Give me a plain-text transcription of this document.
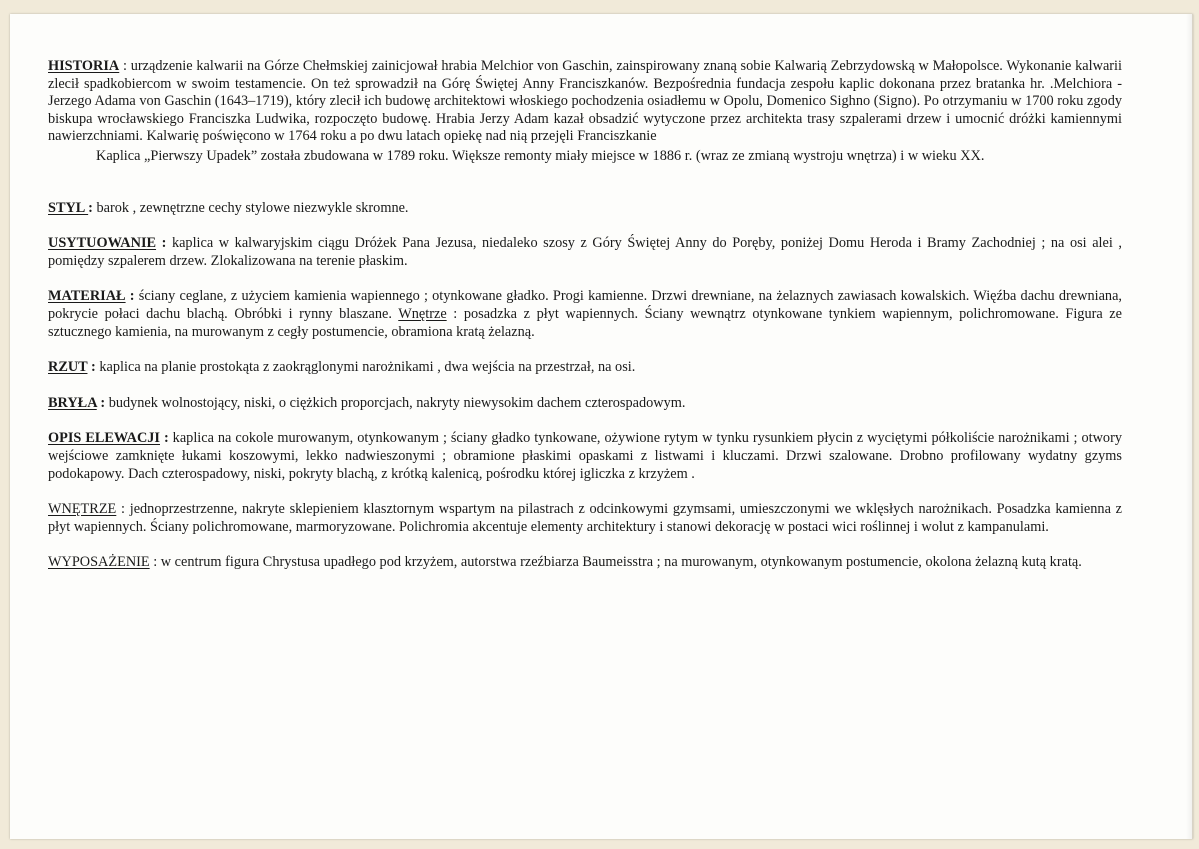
HISTORIA : urządzenie kalwarii na Górze Chełmskiej zainicjował hrabia Melchior von Gaschin, zainspirowany znaną sobie Kalwarią Zebrzydowską w Małopolsce. Wykonanie kalwarii zlecił spadkobiercom w swoim testamencie. On też sprowadził na Górę Świętej Anny Franciszkanów. Bezpośrednia fundacja zespołu kaplic dokonana przez bratanka hr. .Melchiora - Jerzego Adama von Gaschin (1643–1719), który zlecił ich budowę architektowi włoskiego pochodzenia osiadłemu w Opolu, Domenico Sighno (Signo). Po otrzymaniu w 1700 roku zgody biskupa wrocławskiego Franciszka Ludwika, rozpoczęto budowę. Hrabia Jerzy Adam kazał obsadzić wytyczone przez architekta trasy szpalerami drzew i umocnić dróżki kamiennymi nawierzchniami. Kalwarię poświęcono w 1764 roku a po dwu latach opiekę nad nią przejęli Franciszkanie

Kaplica „Pierwszy Upadek” została zbudowana w 1789 roku. Większe remonty miały miejsce w 1886 r. (wraz ze zmianą wystroju wnętrza) i w wieku XX.

STYL : barok , zewnętrzne cechy stylowe niezwykle skromne.

USYTUOWANIE : kaplica w kalwaryjskim ciągu Dróżek Pana Jezusa, niedaleko szosy z Góry Świętej Anny do Poręby, poniżej Domu Heroda i Bramy Zachodniej ; na osi alei , pomiędzy szpalerem drzew. Zlokalizowana na terenie płaskim.

MATERIAŁ : ściany ceglane, z użyciem kamienia wapiennego ; otynkowane gładko. Progi kamienne. Drzwi drewniane, na żelaznych zawiasach kowalskich. Więźba dachu drewniana, pokrycie połaci dachu blachą. Obróbki i rynny blaszane. Wnętrze : posadzka z płyt wapiennych. Ściany wewnątrz otynkowane tynkiem wapiennym, polichromowane. Figura ze sztucznego kamienia, na murowanym z cegły postumencie, obramiona kratą żelazną.

RZUT : kaplica na planie prostokąta z zaokrąglonymi narożnikami , dwa wejścia na przestrzał, na osi.

BRYŁA : budynek wolnostojący, niski, o ciężkich proporcjach, nakryty niewysokim dachem czterospadowym.

OPIS ELEWACJI : kaplica na cokole murowanym, otynkowanym ; ściany gładko tynkowane, ożywione rytym w tynku rysunkiem płycin z wyciętymi półkoliście narożnikami ; otwory wejściowe zamknięte łukami koszowymi, lekko nadwieszonymi ; obramione płaskimi opaskami z listwami i kluczami. Drzwi szalowane. Drobno profilowany wydatny gzyms podokapowy. Dach czterospadowy, niski, pokryty blachą, z krótką kalenicą, pośrodku której igliczka z krzyżem .

WNĘTRZE : jednoprzestrzenne, nakryte sklepieniem klasztornym wspartym na pilastrach z odcinkowymi gzymsami, umieszczonymi we wklęsłych narożnikach. Posadzka kamienna z płyt wapiennych. Ściany polichromowane, marmoryzowane. Polichromia akcentuje elementy architektury i stanowi dekorację w postaci wici roślinnej i wolut z kampanulami.

WYPOSAŻENIE : w centrum figura Chrystusa upadłego pod krzyżem, autorstwa rzeźbiarza Baumeisstra ; na murowanym, otynkowanym postumencie, okolona żelazną kutą kratą.
